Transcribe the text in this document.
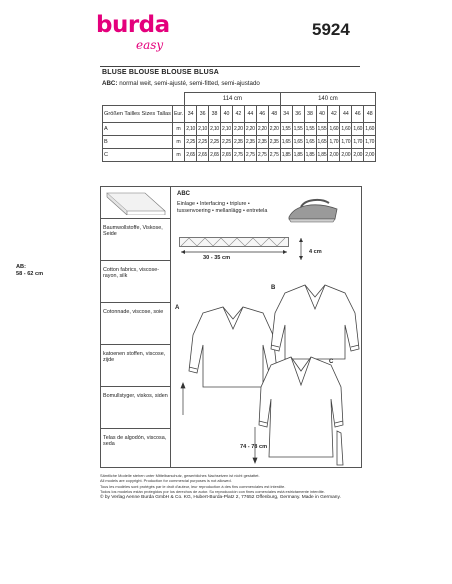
burda
easy
5924
BLUSE BLOUSE BLOUSE BLUSA
ABC: normal weit, semi-ajusté, semi-fitted, semi-ajustado
		114 cm								140 cm							
Größen Tailles Sizes Tallas	Eur.	34	36	38	40	42	44	46	48	34	36	38	40	42	44	46	48
A	m	2,10	2,10	2,10	2,10	2,20	2,20	2,20	2,20	1,55	1,55	1,55	1,55	1,60	1,60	1,60	1,60
B	m	2,25	2,25	2,25	2,25	2,35	2,35	2,35	2,35	1,65	1,65	1,65	1,65	1,70	1,70	1,70	1,70
C	m	2,65	2,65	2,65	2,65	2,75	2,75	2,75	2,75	1,85	1,85	1,85	1,85	2,00	2,00	2,00	2,00
Baumwollstoffe, Viskose, Seide
Cotton fabrics, viscose-rayon, silk
Cotonnade, viscose, soie
katoenen stoffen, viscose, zijde
Bomullstyger, viskos, siden
Telas de algodón, viscosa, seda
ABC
Einlage • Interfacing • triplure • tussenvoering • mellanlägg • entretela
30 - 35 cm
4 cm
A
B
C
AB:
58 - 62 cm
74 - 78 cm
Sämtliche Modelle stehen unter Mittelbarschutz, gewerbliches Nachsetzen ist nicht gestattet.
All models are copyright. Production for commercial purposes is not allowed.
Tous les modèles sont protégés par le droit d'auteur, leur reproduction à des fins commerciales est interdite.
Todos los modelos están protegidos por los derechos de autor. Su reproducción con fines comerciales está estrictamente interdite.
© by Verlag Aenne Burda GmbH & Co. KG, Hubert-Burda-Platz 2, 77652 Offenburg, Germany. Made in Germany.
